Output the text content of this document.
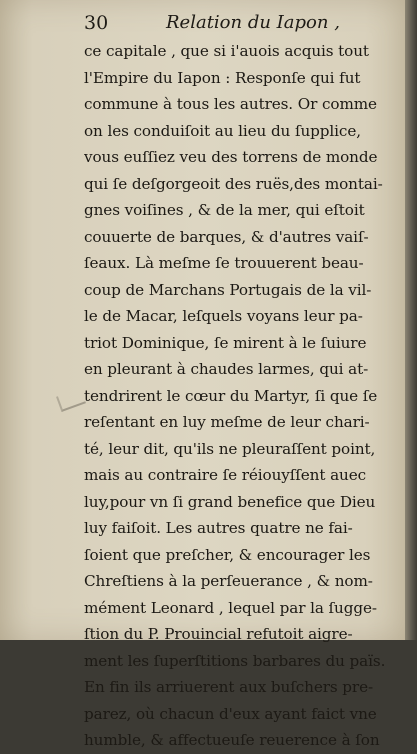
30	Relation du Iapon ,
ce capitale , que si i'auois acquis tout
l'Empire du Iapon : Responſe qui fut
commune à tous les autres. Or comme
on les conduiſoit au lieu du ſupplice,
vous euſſiez veu des torrens de monde
qui ſe deſgorgeoit des ruës,des montai-
gnes voiſines , & de la mer, qui eſtoit
couuerte de barques, & d'autres vaiſ-
ſeaux. Là meſme ſe trouuerent beau-
coup de Marchans Portugais de la vil-
le de Macar, leſquels voyans leur pa-
triot Dominique, ſe mirent à le ſuiure
en pleurant à chaudes larmes, qui at-
tendrirent le cœur du Martyr, ſi que ſe
reſentant en luy meſme de leur chari-
té, leur dit, qu'ils ne pleuraſſent point,
mais au contraire ſe réiouyſſent auec
luy,pour vn ſi grand benefice que Dieu
luy faiſoit. Les autres quatre ne fai-
ſoient que preſcher, & encourager les
Chreſtiens à la perſeuerance , & nom-
mément Leonard , lequel par la ſugge-
ſtion du P. Prouincial refutoit aigre-
ment les ſuperſtitions barbares du païs.
En fin ils arriuerent aux buſchers pre-
parez, où chacun d'eux ayant faict vne
humble, & affectueuſe reuerence à ſon
